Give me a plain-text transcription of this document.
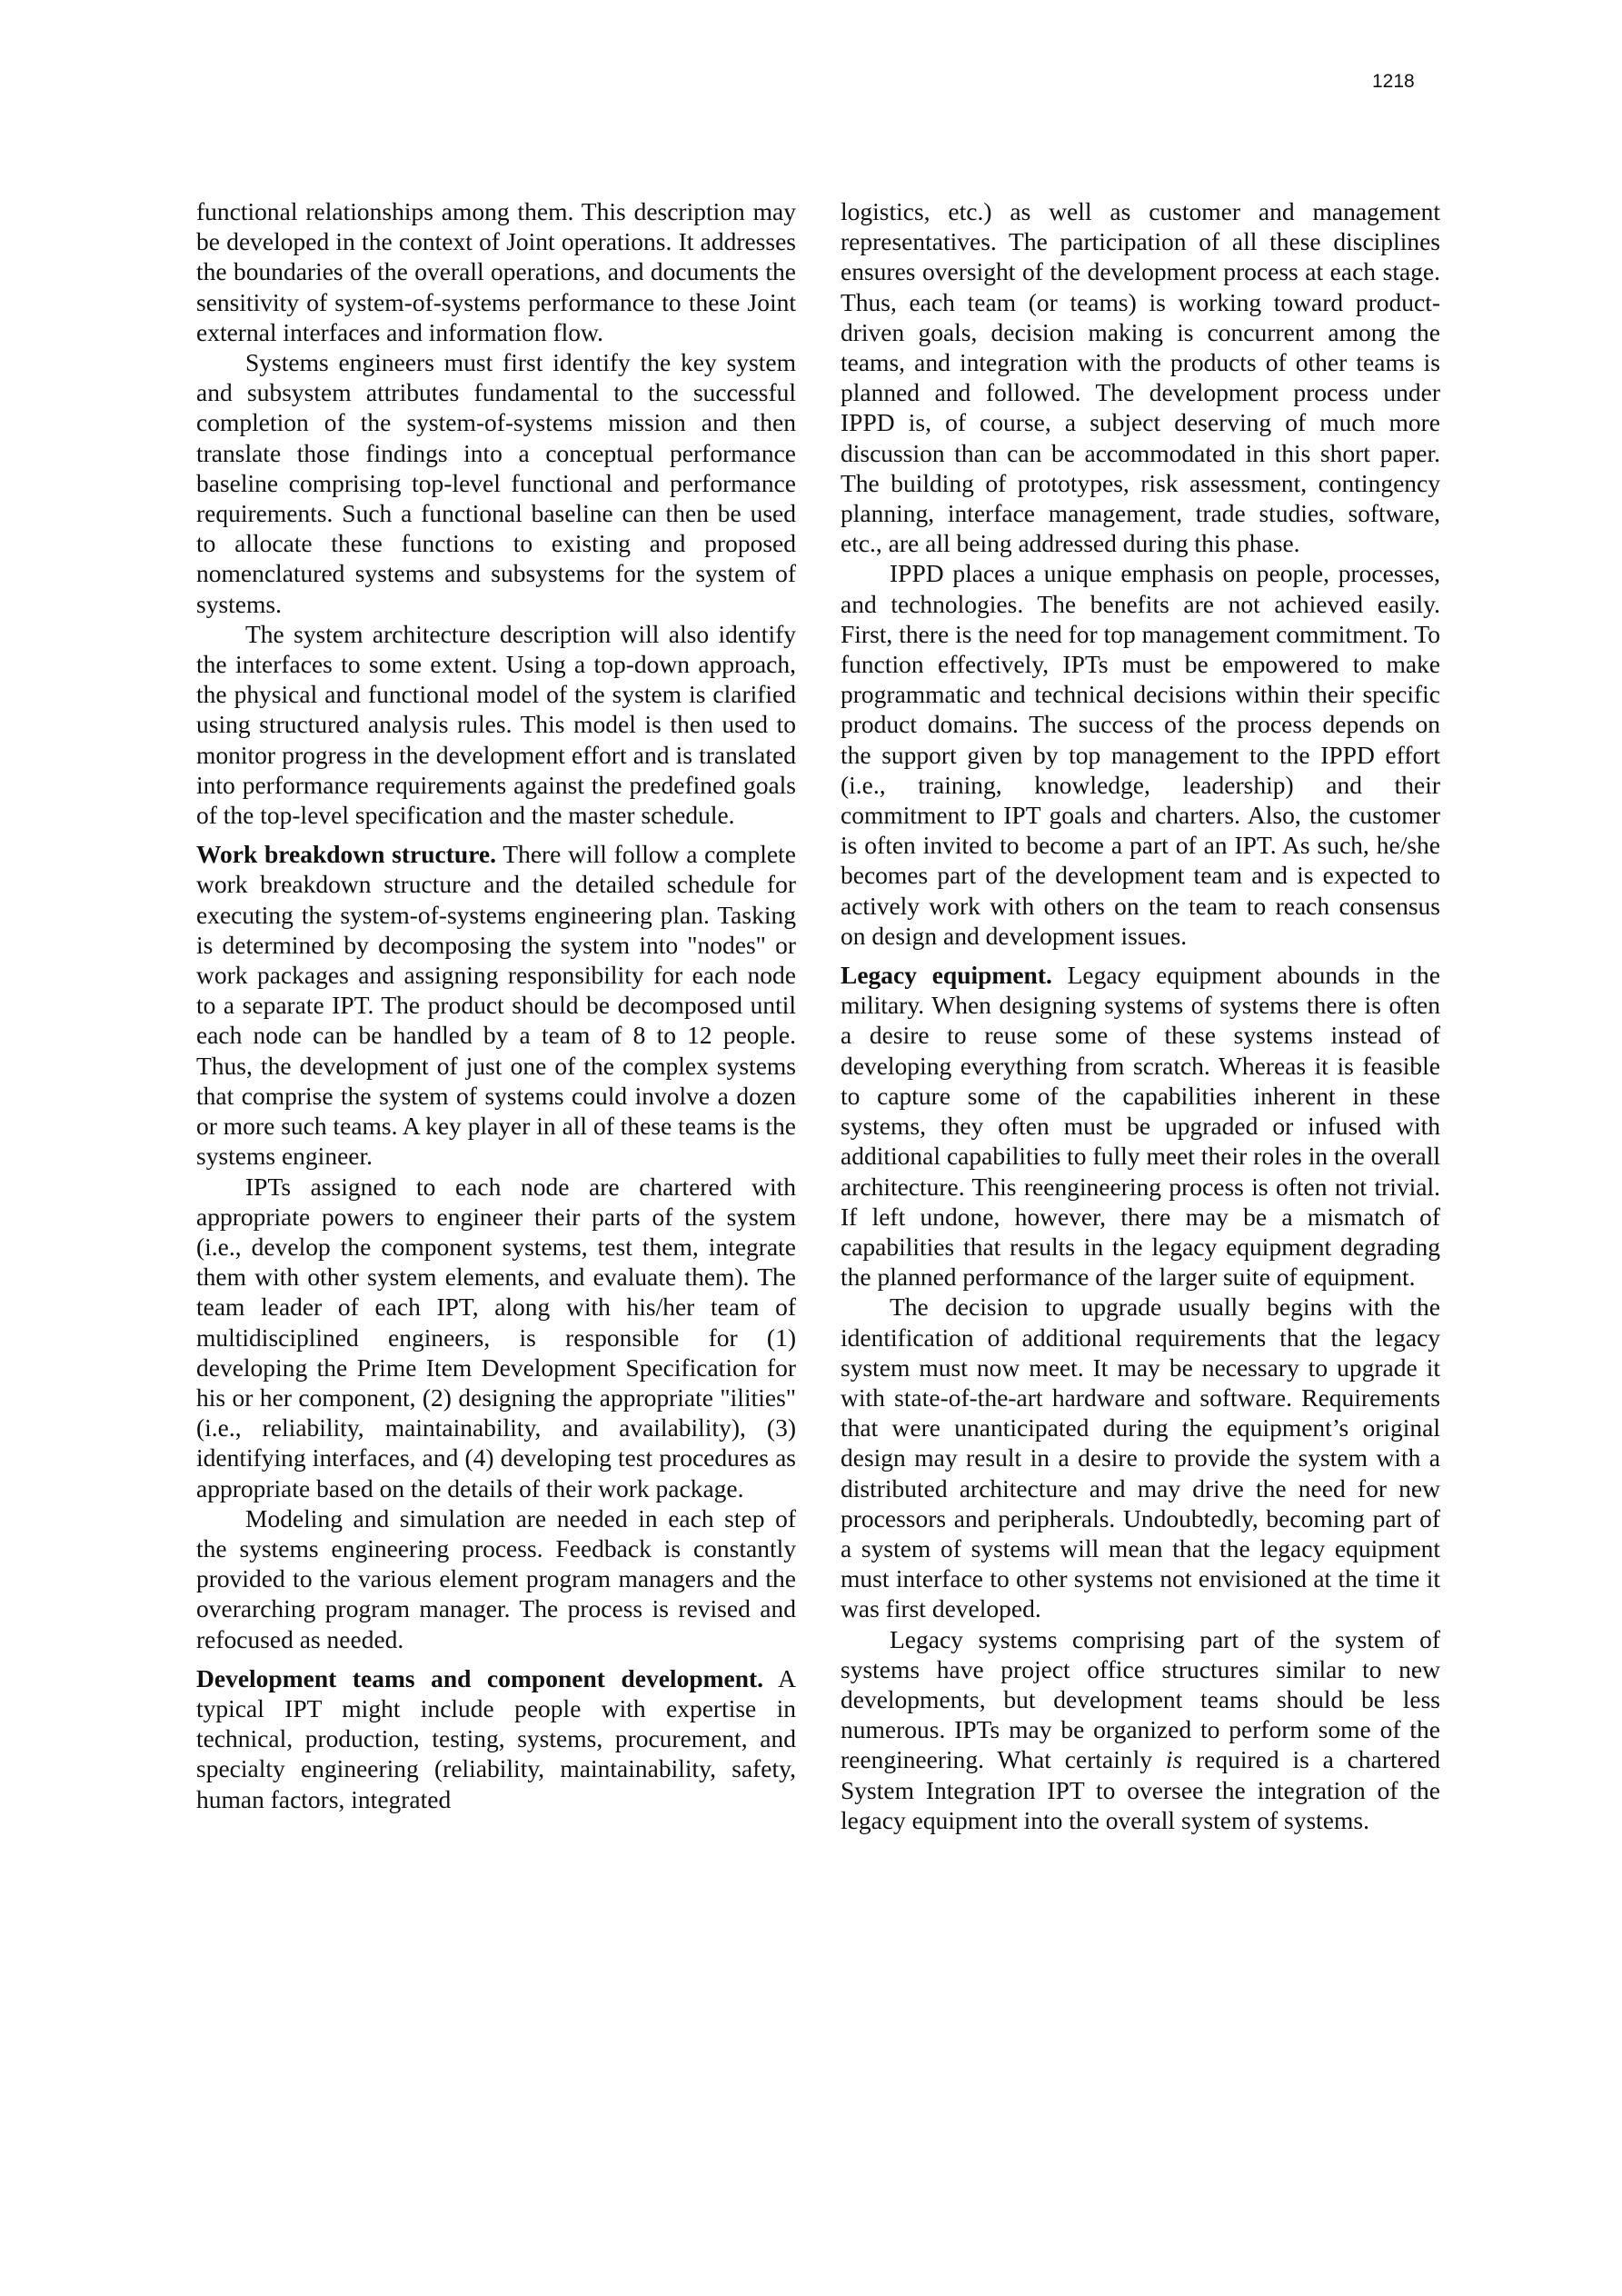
1218

functional relationships among them. This description may be developed in the context of Joint operations. It addresses the boundaries of the overall operations, and documents the sensitivity of system-of-systems performance to these Joint external interfaces and information flow.

Systems engineers must first identify the key system and subsystem attributes fundamental to the successful completion of the system-of-systems mission and then translate those findings into a conceptual performance baseline comprising top-level functional and performance requirements. Such a functional baseline can then be used to allocate these functions to existing and proposed nomenclatured systems and subsystems for the system of systems.

The system architecture description will also identify the interfaces to some extent. Using a top-down approach, the physical and functional model of the system is clarified using structured analysis rules. This model is then used to monitor progress in the development effort and is translated into performance requirements against the predefined goals of the top-level specification and the master schedule.

Work breakdown structure. There will follow a complete work breakdown structure and the detailed schedule for executing the system-of-systems engineering plan. Tasking is determined by decomposing the system into "nodes" or work packages and assigning responsibility for each node to a separate IPT. The product should be decomposed until each node can be handled by a team of 8 to 12 people. Thus, the development of just one of the complex systems that comprise the system of systems could involve a dozen or more such teams. A key player in all of these teams is the systems engineer.

IPTs assigned to each node are chartered with appropriate powers to engineer their parts of the system (i.e., develop the component systems, test them, integrate them with other system elements, and evaluate them). The team leader of each IPT, along with his/her team of multidisciplined engineers, is responsible for (1) developing the Prime Item Development Specification for his or her component, (2) designing the appropriate "ilities" (i.e., reliability, maintainability, and availability), (3) identifying interfaces, and (4) developing test procedures as appropriate based on the details of their work package.

Modeling and simulation are needed in each step of the systems engineering process. Feedback is constantly provided to the various element program managers and the overarching program manager. The process is revised and refocused as needed.

Development teams and component development. A typical IPT might include people with expertise in technical, production, testing, systems, procurement, and specialty engineering (reliability, maintainability, safety, human factors, integrated

logistics, etc.) as well as customer and management representatives. The participation of all these disciplines ensures oversight of the development process at each stage. Thus, each team (or teams) is working toward product-driven goals, decision making is concurrent among the teams, and integration with the products of other teams is planned and followed. The development process under IPPD is, of course, a subject deserving of much more discussion than can be accommodated in this short paper. The building of prototypes, risk assessment, contingency planning, interface management, trade studies, software, etc., are all being addressed during this phase.

IPPD places a unique emphasis on people, processes, and technologies. The benefits are not achieved easily. First, there is the need for top management commitment. To function effectively, IPTs must be empowered to make programmatic and technical decisions within their specific product domains. The success of the process depends on the support given by top management to the IPPD effort (i.e., training, knowledge, leadership) and their commitment to IPT goals and charters. Also, the customer is often invited to become a part of an IPT. As such, he/she becomes part of the development team and is expected to actively work with others on the team to reach consensus on design and development issues.

Legacy equipment. Legacy equipment abounds in the military. When designing systems of systems there is often a desire to reuse some of these systems instead of developing everything from scratch. Whereas it is feasible to capture some of the capabilities inherent in these systems, they often must be upgraded or infused with additional capabilities to fully meet their roles in the overall architecture. This reengineering process is often not trivial. If left undone, however, there may be a mismatch of capabilities that results in the legacy equipment degrading the planned performance of the larger suite of equipment.

The decision to upgrade usually begins with the identification of additional requirements that the legacy system must now meet. It may be necessary to upgrade it with state-of-the-art hardware and software. Requirements that were unanticipated during the equipment’s original design may result in a desire to provide the system with a distributed architecture and may drive the need for new processors and peripherals. Undoubtedly, becoming part of a system of systems will mean that the legacy equipment must interface to other systems not envisioned at the time it was first developed.

Legacy systems comprising part of the system of systems have project office structures similar to new developments, but development teams should be less numerous. IPTs may be organized to perform some of the reengineering. What certainly is required is a chartered System Integration IPT to oversee the integration of the legacy equipment into the overall system of systems.
